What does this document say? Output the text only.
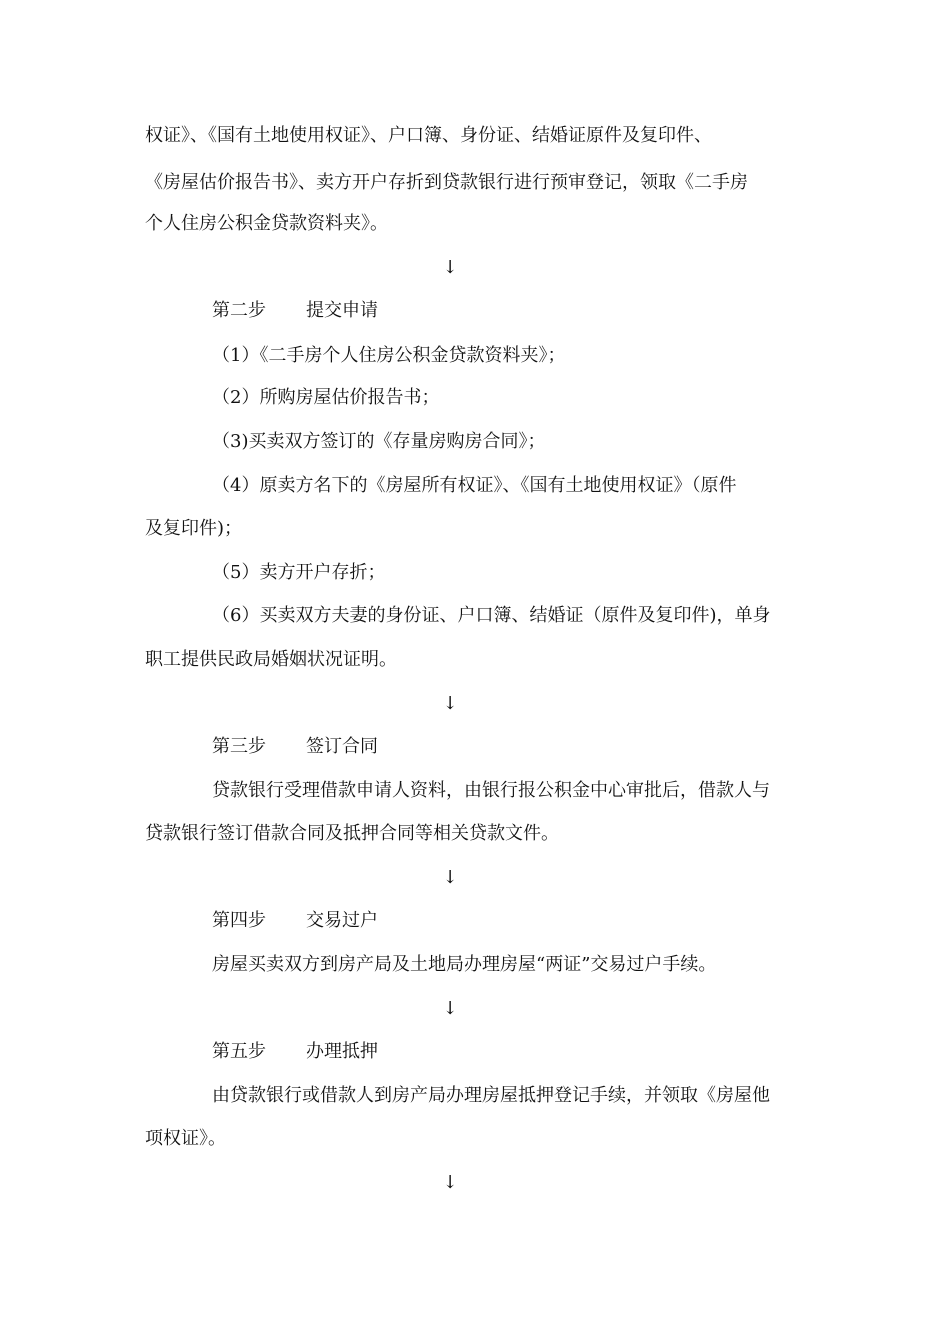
权证》、《国有土地使用权证》、户口簿、身份证、结婚证原件及复印件、
《房屋估价报告书》、卖方开户存折到贷款银行进行预审登记，领取《二手房
个人住房公积金贷款资料夹》。
↓
第二步 提交申请
（1）《二手房个人住房公积金贷款资料夹》；
（2）所购房屋估价报告书；
（3)买卖双方签订的《存量房购房合同》；
（4）原卖方名下的《房屋所有权证》、《国有土地使用权证》（原件
及复印件)；
（5）卖方开户存折；
（6）买卖双方夫妻的身份证、户口簿、结婚证（原件及复印件)，单身
职工提供民政局婚姻状况证明。
↓
第三步 签订合同
贷款银行受理借款申请人资料，由银行报公积金中心审批后，借款人与
贷款银行签订借款合同及抵押合同等相关贷款文件。
↓
第四步 交易过户
房屋买卖双方到房产局及土地局办理房屋“两证”交易过户手续。
↓
第五步 办理抵押
由贷款银行或借款人到房产局办理房屋抵押登记手续，并领取《房屋他
项权证》。
↓
